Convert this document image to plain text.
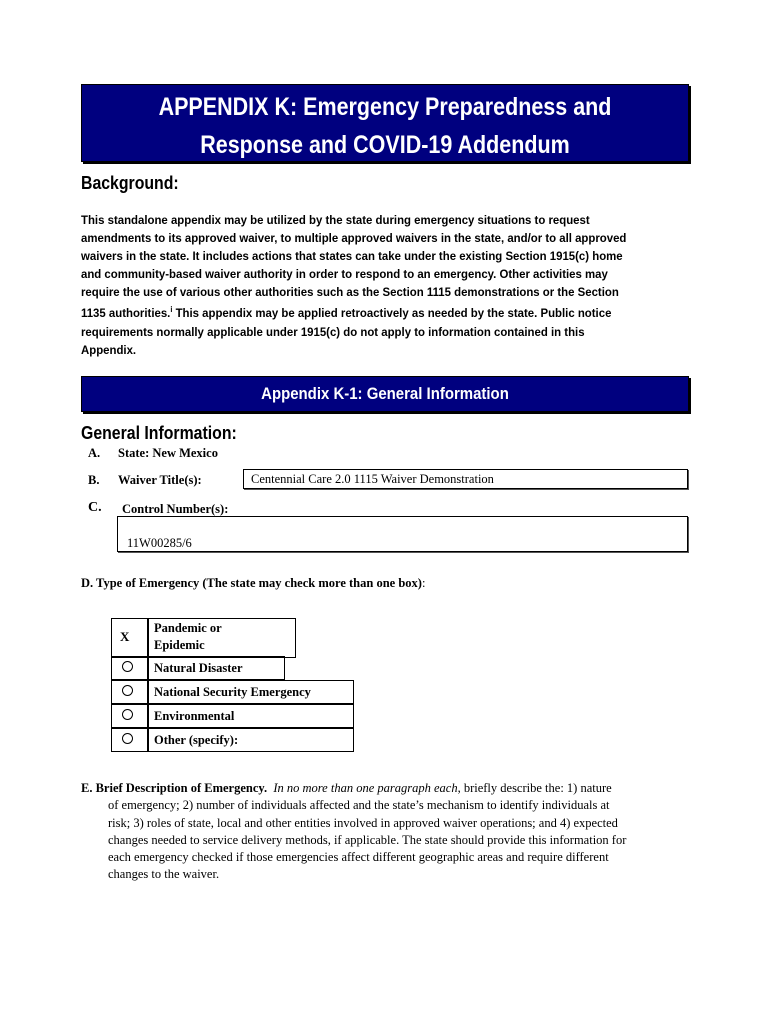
APPENDIX K: Emergency Preparedness and
Response and COVID-19 Addendum
Background:
This standalone appendix may be utilized by the state during emergency situations to request
amendments to its approved waiver, to multiple approved waivers in the state, and/or to all approved
waivers in the state. It includes actions that states can take under the existing Section 1915(c) home
and community-based waiver authority in order to respond to an emergency. Other activities may
require the use of various other authorities such as the Section 1115 demonstrations or the Section
1135 authorities.$^i$ This appendix may be applied retroactively as needed by the state. Public notice
requirements normally applicable under 1915(c) do not apply to information contained in this
Appendix.
Appendix K-1: General Information
General Information:
A. State: New Mexico
B. Waiver Title(s):	Centennial Care 2.0 1115 Waiver Demonstration
C. Control Number(s):
11W00285/6
D. Type of Emergency (The state may check more than one box):
X
Pandemic or
Epidemic
Natural Disaster
National Security Emergency
Environmental
Other (specify):
E. Brief Description of Emergency. In no more than one paragraph each, briefly describe the: 1) nature
of emergency; 2) number of individuals affected and the state’s mechanism to identify individuals at
risk; 3) roles of state, local and other entities involved in approved waiver operations; and 4) expected
changes needed to service delivery methods, if applicable. The state should provide this information for
each emergency checked if those emergencies affect different geographic areas and require different
changes to the waiver.
